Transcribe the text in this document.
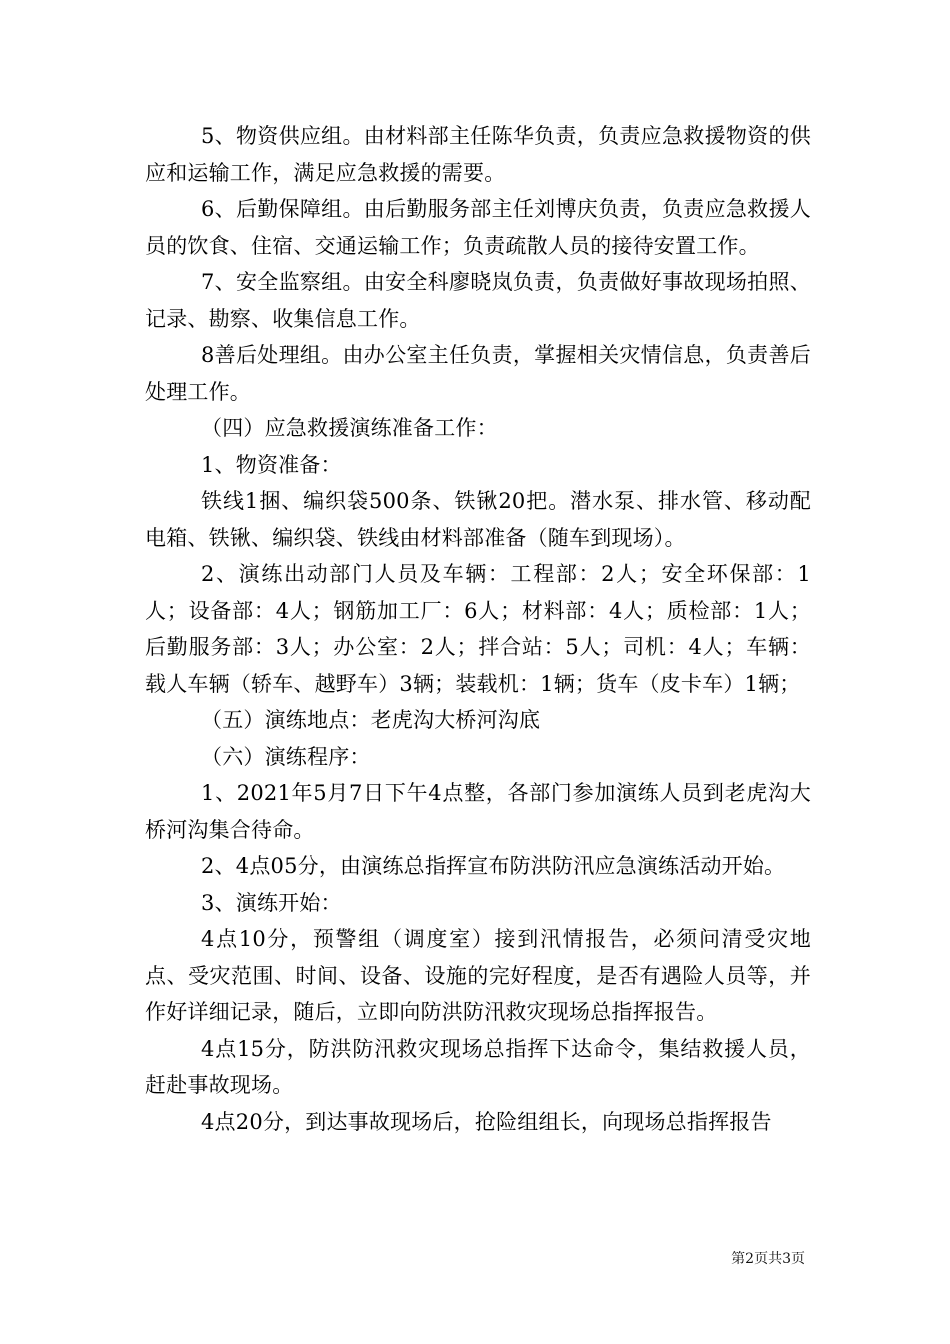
5、物资供应组。由材料部主任陈华负责，负责应急救援物资的供应和运输工作，满足应急救援的需要。

6、后勤保障组。由后勤服务部主任刘博庆负责，负责应急救援人员的饮食、住宿、交通运输工作；负责疏散人员的接待安置工作。

7、安全监察组。由安全科廖晓岚负责，负责做好事故现场拍照、记录、勘察、收集信息工作。

8善后处理组。由办公室主任负责，掌握相关灾情信息，负责善后处理工作。

（四）应急救援演练准备工作：

1、物资准备：

铁线1捆、编织袋500条、铁锹20把。潜水泵、排水管、移动配电箱、铁锹、编织袋、铁线由材料部准备（随车到现场）。

2、演练出动部门人员及车辆：工程部：2人；安全环保部：1人；设备部：4人；钢筋加工厂：6人；材料部：4人；质检部：1人；后勤服务部：3人；办公室：2人；拌合站：5人；司机：4人；车辆：载人车辆（轿车、越野车）3辆；装载机：1辆；货车（皮卡车）1辆；

（五）演练地点：老虎沟大桥河沟底

（六）演练程序：

1、2021年5月7日下午4点整，各部门参加演练人员到老虎沟大桥河沟集合待命。

2、4点05分，由演练总指挥宣布防洪防汛应急演练活动开始。

3、演练开始：

4点10分，预警组（调度室）接到汛情报告，必须问清受灾地点、受灾范围、时间、设备、设施的完好程度，是否有遇险人员等，并作好详细记录，随后，立即向防洪防汛救灾现场总指挥报告。

4点15分，防洪防汛救灾现场总指挥下达命令，集结救援人员，赶赴事故现场。

4点20分，到达事故现场后，抢险组组长，向现场总指挥报告

第2页共3页
